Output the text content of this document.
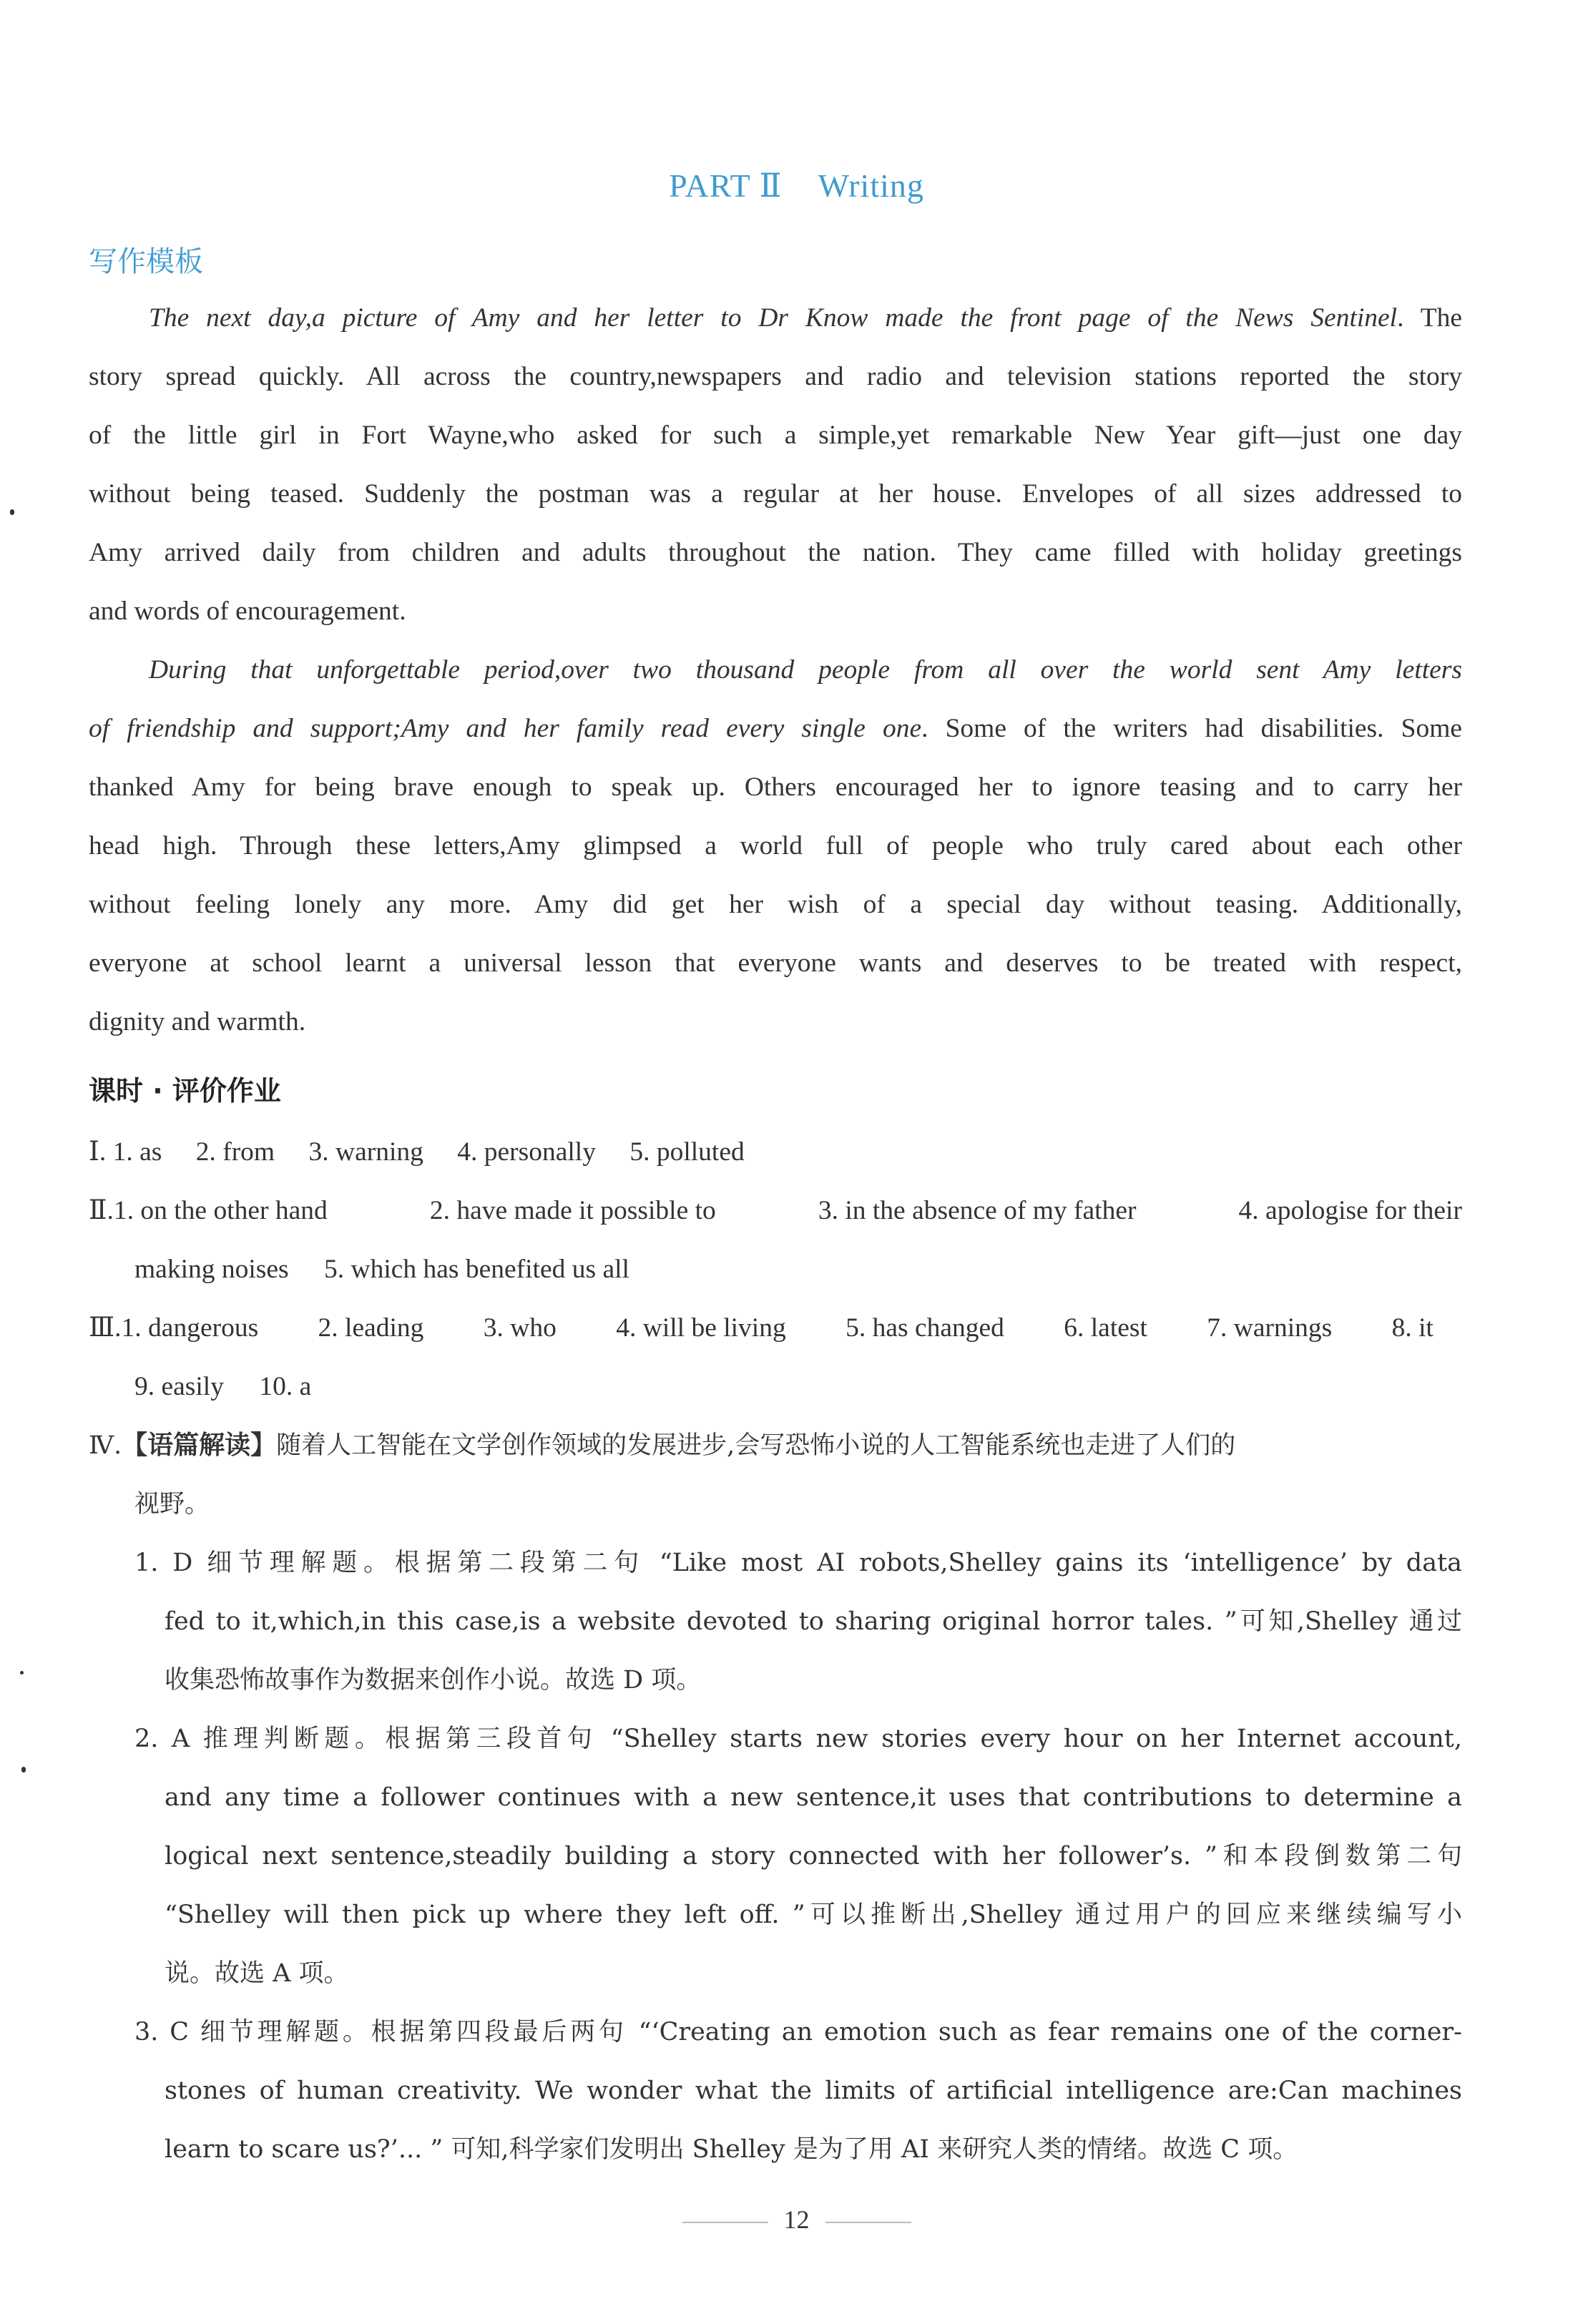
PART Ⅱ Writing
写作模板
The next day,a picture of Amy and her letter to Dr Know made the front page of the News Sentinel. The
story spread quickly. All across the country,newspapers and radio and television stations reported the story
of the little girl in Fort Wayne,who asked for such a simple,yet remarkable New Year gift—just one day
without being teased. Suddenly the postman was a regular at her house. Envelopes of all sizes addressed to
Amy arrived daily from children and adults throughout the nation. They came filled with holiday greetings
and words of encouragement.
During that unforgettable period,over two thousand people from all over the world sent Amy letters
of friendship and support;Amy and her family read every single one. Some of the writers had disabilities. Some
thanked Amy for being brave enough to speak up. Others encouraged her to ignore teasing and to carry her
head high. Through these letters,Amy glimpsed a world full of people who truly cared about each other
without feeling lonely any more. Amy did get her wish of a special day without teasing. Additionally,
everyone at school learnt a universal lesson that everyone wants and deserves to be treated with respect,
dignity and warmth.
课时 · 评价作业
Ⅰ. 1. as 2. from 3. warning 4. personally 5. polluted
Ⅱ.1. on the other hand	2. have made it possible to	3. in the absence of my father	4. apologise for their
making noises 5. which has benefited us all
Ⅲ.1. dangerous 2. leading 3. who 4. will be living 5. has changed 6. latest 7. warnings 8. it
9. easily 10. a
Ⅳ.【语篇解读】随着人工智能在文学创作领域的发展进步,会写恐怖小说的人工智能系统也走进了人们的
视野。
1. D 细节理解题。根据第二段第二句 “Like most AI robots,Shelley gains its ‘intelligence’ by data
fed to it,which,in this case,is a website devoted to sharing original horror tales. ”可知,Shelley 通过
收集恐怖故事作为数据来创作小说。故选 D 项。
2. A 推理判断题。根据第三段首句 “Shelley starts new stories every hour on her Internet account,
and any time a follower continues with a new sentence,it uses that contributions to determine a
logical next sentence,steadily building a story connected with her follower’s. ”和本段倒数第二句
“Shelley will then pick up where they left off. ”可以推断出,Shelley 通过用户的回应来继续编写小
说。故选 A 项。
3. C 细节理解题。根据第四段最后两句 “‘Creating an emotion such as fear remains one of the corner-
stones of human creativity. We wonder what the limits of artificial intelligence are:Can machines
learn to scare us?’... ” 可知,科学家们发明出 Shelley 是为了用 AI 来研究人类的情绪。故选 C 项。
12
